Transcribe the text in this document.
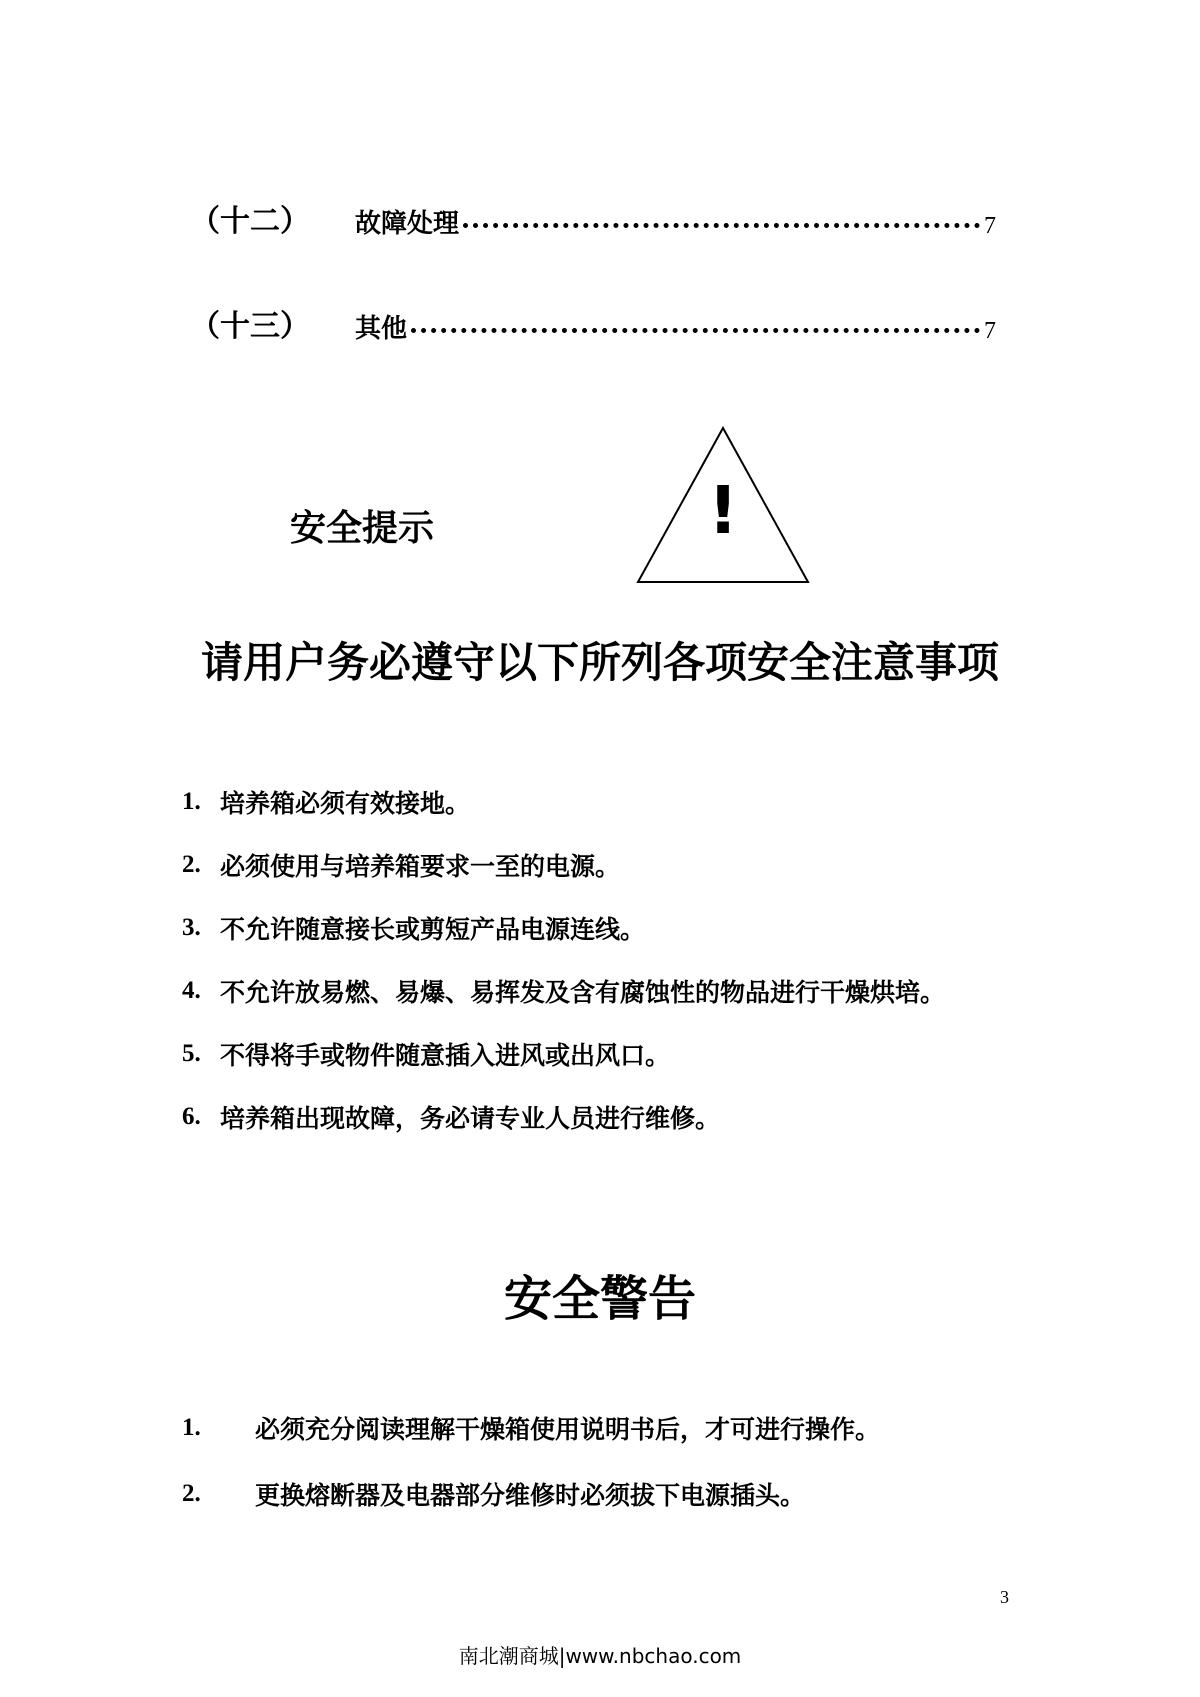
（十二）	故障处理	7
（十三）	其他	7
安全提示	!
请用户务必遵守以下所列各项安全注意事项
1. 培养箱必须有效接地。
2. 必须使用与培养箱要求一至的电源。
3. 不允许随意接长或剪短产品电源连线。
4. 不允许放易燃、易爆、易挥发及含有腐蚀性的物品进行干燥烘培。
5. 不得将手或物件随意插入进风或出风口。
6. 培养箱出现故障，务必请专业人员进行维修。
安全警告
1.	必须充分阅读理解干燥箱使用说明书后，才可进行操作。
2.	更换熔断器及电器部分维修时必须拔下电源插头。
3
南北潮商城|www.nbchao.com
